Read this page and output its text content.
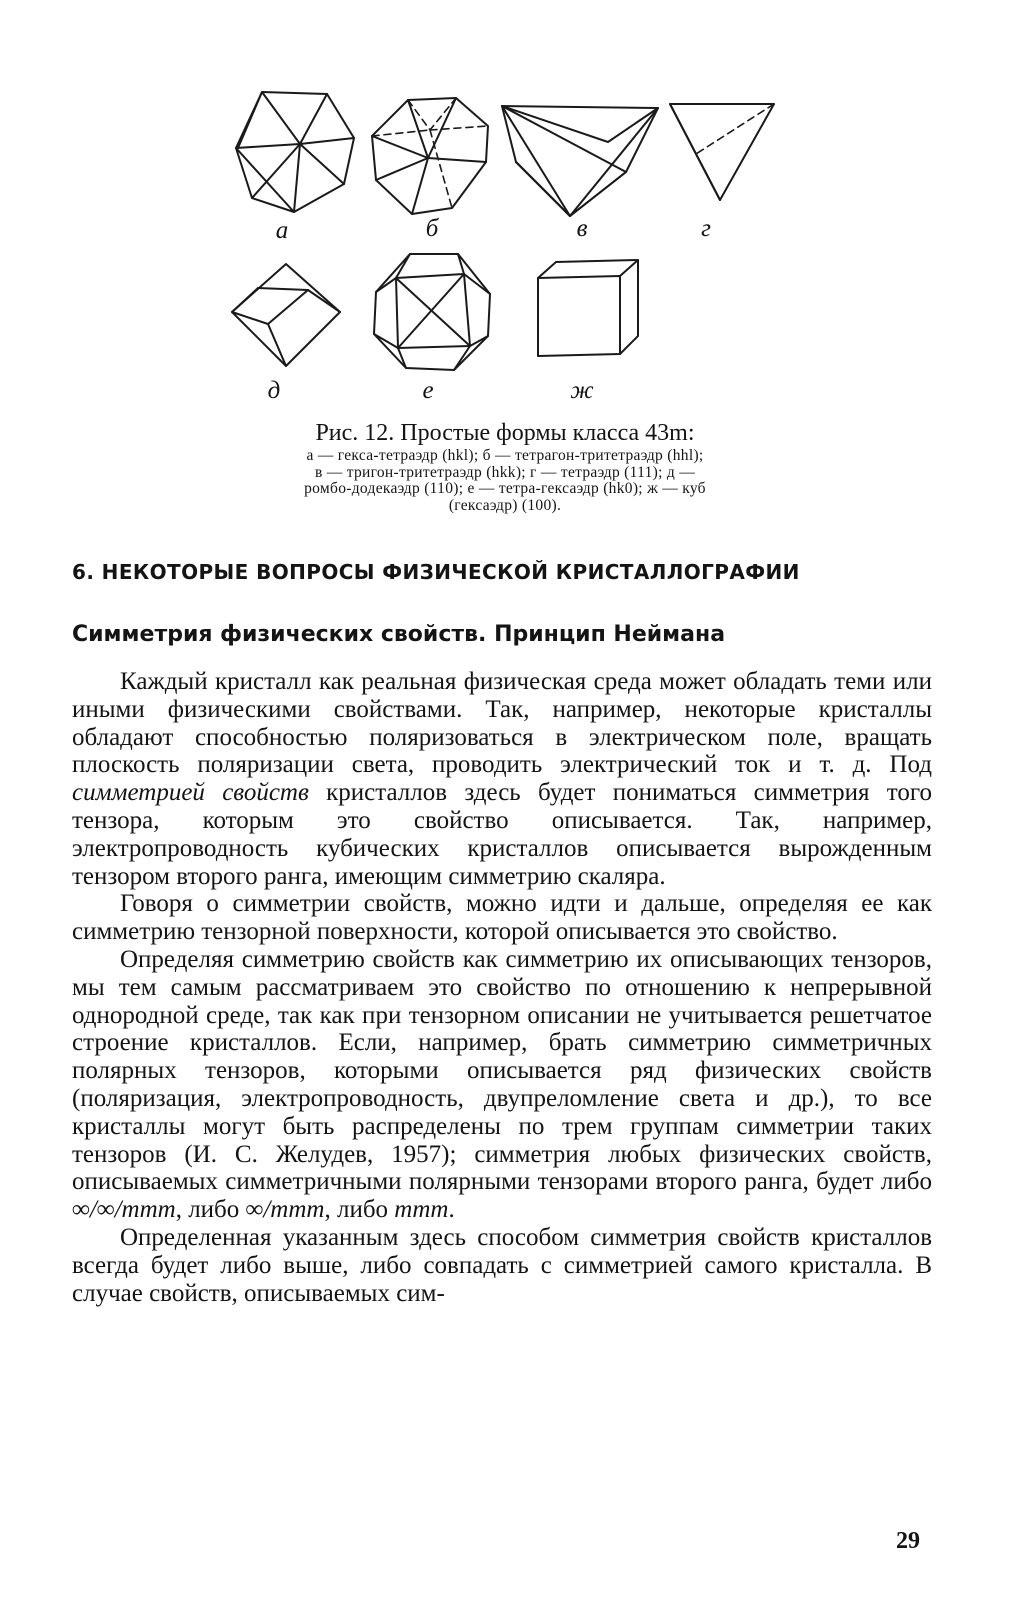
а	б	в	г
д	е	ж
Рис. 12. Простые формы класса 43m:
а — гекса-тетраэдр (hkl); б — тетрагон-тритетраэдр (hhl);
в — тригон-тритетраэдр (hkk); г — тетраэдр (111); д —
ромбо-додекаэдр (110); е — тетра-гексаэдр (hk0); ж — куб
(гексаэдр) (100).
6. НЕКОТОРЫЕ ВОПРОСЫ ФИЗИЧЕСКОЙ КРИСТАЛЛОГРАФИИ
Симметрия физических свойств. Принцип Неймана

Каждый кристалл как реальная физическая среда может обладать теми или иными физическими свойствами. Так, например, некоторые кристаллы обладают способностью поляризоваться в электрическом поле, вращать плоскость поляризации света, проводить электрический ток и т. д. Под симметрией свойств кристаллов здесь будет пониматься симметрия того тензора, которым это свойство описывается. Так, например, электропроводность кубических кристаллов описывается вырожденным тензором второго ранга, имеющим симметрию скаляра.

Говоря о симметрии свойств, можно идти и дальше, определяя ее как симметрию тензорной поверхности, которой описывается это свойство.

Определяя симметрию свойств как симметрию их описывающих тензоров, мы тем самым рассматриваем это свойство по отношению к непрерывной однородной среде, так как при тензорном описании не учитывается решетчатое строение кристаллов. Если, например, брать симметрию симметричных полярных тензоров, которыми описывается ряд физических свойств (поляризация, электропроводность, двупреломление света и др.), то все кристаллы могут быть распределены по трем группам симметрии таких тензоров (И. С. Желудев, 1957); симметрия любых физических свойств, описываемых симметричными полярными тензорами второго ранга, будет либо ∞/∞/mmm, либо ∞/mmm, либо mmm.

Определенная указанным здесь способом симметрия свойств кристаллов всегда будет либо выше, либо совпадать с симметрией самого кристалла. В случае свойств, описываемых сим-

29
